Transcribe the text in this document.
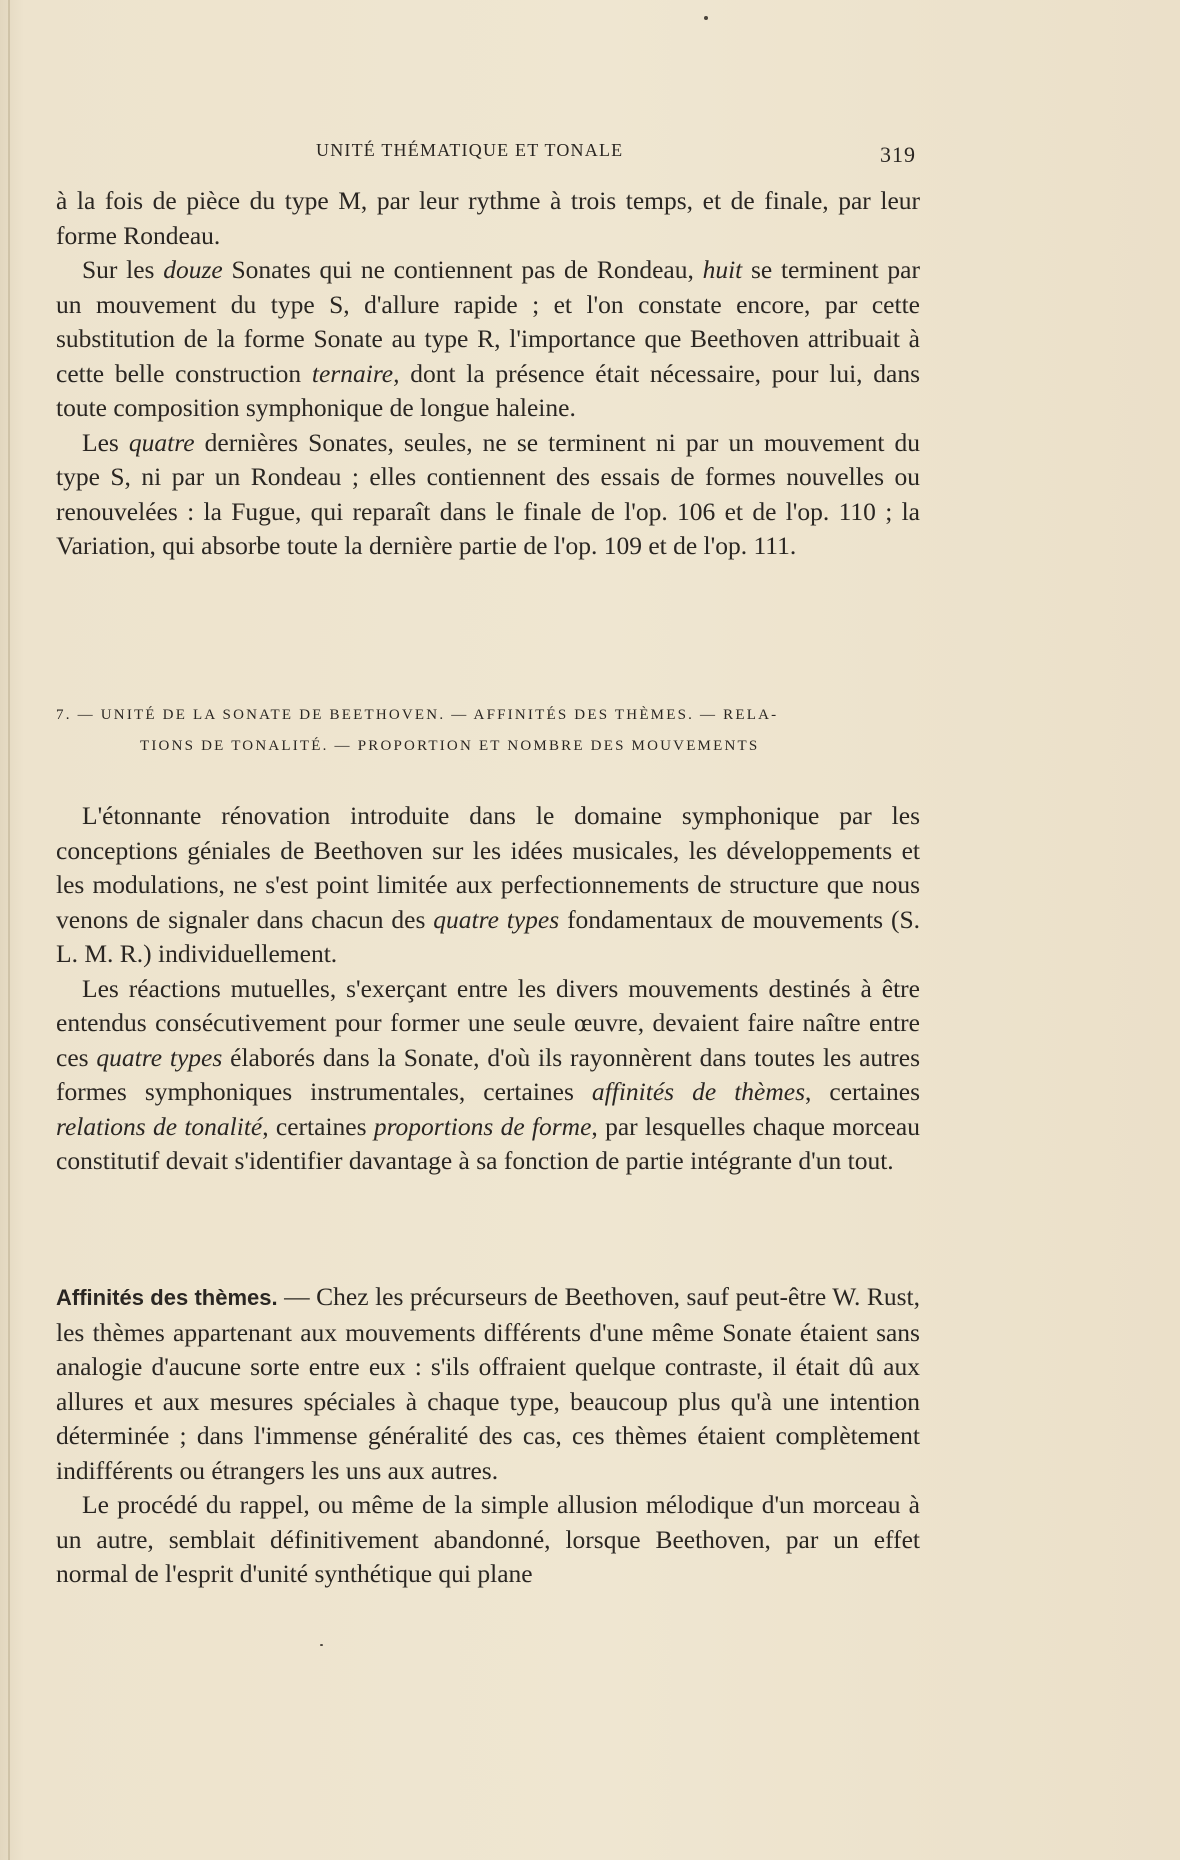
UNITÉ THÉMATIQUE ET TONALE	319

à la fois de pièce du type M, par leur rythme à trois temps, et de finale, par leur forme Rondeau.

Sur les douze Sonates qui ne contiennent pas de Rondeau, huit se terminent par un mouvement du type S, d'allure rapide ; et l'on constate encore, par cette substitution de la forme Sonate au type R, l'importance que Beethoven attribuait à cette belle construction ternaire, dont la présence était nécessaire, pour lui, dans toute composition symphonique de longue haleine.

Les quatre dernières Sonates, seules, ne se terminent ni par un mouvement du type S, ni par un Rondeau ; elles contiennent des essais de formes nouvelles ou renouvelées : la Fugue, qui reparaît dans le finale de l'op. 106 et de l'op. 110 ; la Variation, qui absorbe toute la dernière partie de l'op. 109 et de l'op. 111.

7. — UNITÉ DE LA SONATE DE BEETHOVEN. — AFFINITÉS DES THÈMES. — RELA-
TIONS DE TONALITÉ. — PROPORTION ET NOMBRE DES MOUVEMENTS

L'étonnante rénovation introduite dans le domaine symphonique par les conceptions géniales de Beethoven sur les idées musicales, les développements et les modulations, ne s'est point limitée aux perfectionnements de structure que nous venons de signaler dans chacun des quatre types fondamentaux de mouvements (S. L. M. R.) individuellement.

Les réactions mutuelles, s'exerçant entre les divers mouvements destinés à être entendus consécutivement pour former une seule œuvre, devaient faire naître entre ces quatre types élaborés dans la Sonate, d'où ils rayonnèrent dans toutes les autres formes symphoniques instrumentales, certaines affinités de thèmes, certaines relations de tonalité, certaines proportions de forme, par lesquelles chaque morceau constitutif devait s'identifier davantage à sa fonction de partie intégrante d'un tout.

Affinités des thèmes. — Chez les précurseurs de Beethoven, sauf peut-être W. Rust, les thèmes appartenant aux mouvements différents d'une même Sonate étaient sans analogie d'aucune sorte entre eux : s'ils offraient quelque contraste, il était dû aux allures et aux mesures spéciales à chaque type, beaucoup plus qu'à une intention déterminée ; dans l'immense généralité des cas, ces thèmes étaient complètement indifférents ou étrangers les uns aux autres.

Le procédé du rappel, ou même de la simple allusion mélodique d'un morceau à un autre, semblait définitivement abandonné, lorsque Beethoven, par un effet normal de l'esprit d'unité synthétique qui plane
